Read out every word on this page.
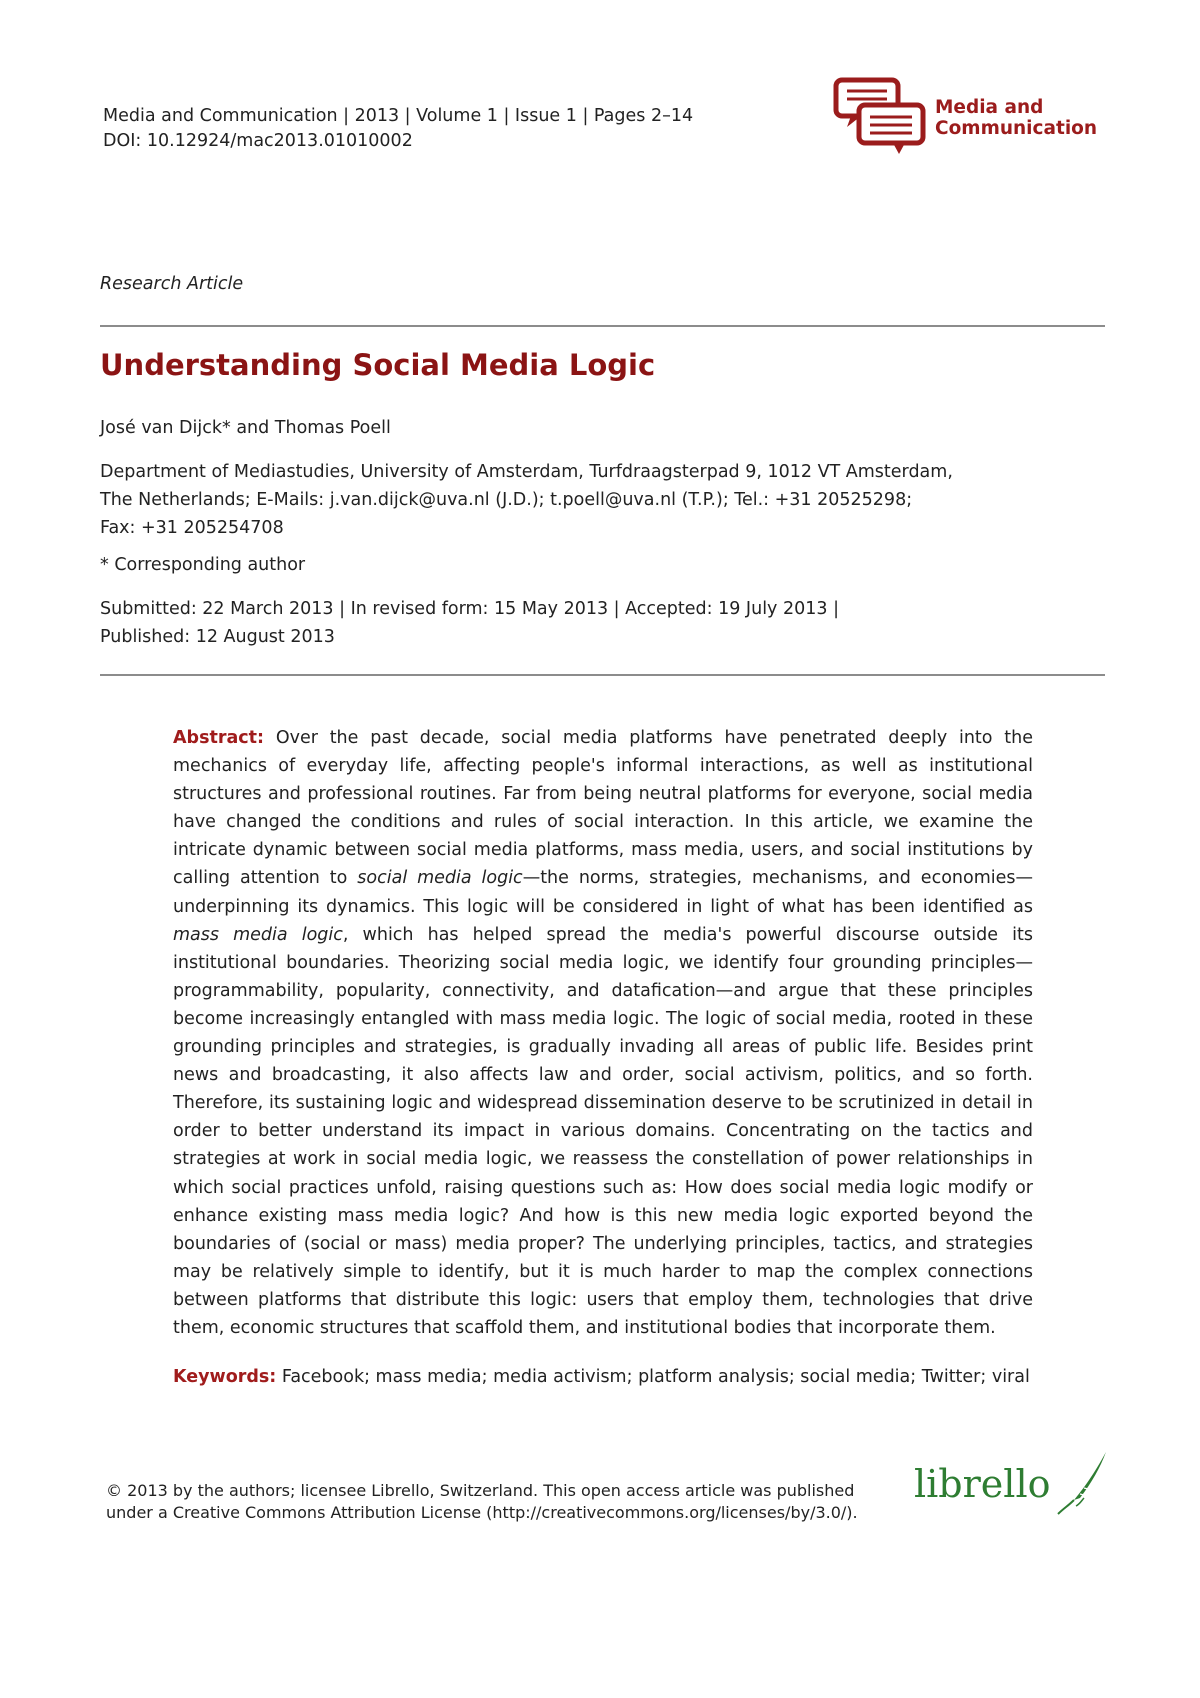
Media and Communication | 2013 | Volume 1 | Issue 1 | Pages 2–14
DOI: 10.12924/mac2013.01010002
Media and
Communication
Research Article
Understanding Social Media Logic
José van Dijck* and Thomas Poell
Department of Mediastudies, University of Amsterdam, Turfdraagsterpad 9, 1012 VT Amsterdam,
The Netherlands; E-Mails: j.van.dijck@uva.nl (J.D.); t.poell@uva.nl (T.P.); Tel.: +31 20525298;
Fax: +31 205254708
* Corresponding author
Submitted: 22 March 2013 | In revised form: 15 May 2013 | Accepted: 19 July 2013 |
Published: 12 August 2013
Abstract: Over the past decade, social media platforms have penetrated deeply into the mechanics of everyday life, affecting people's informal interactions, as well as institutional structures and professional routines. Far from being neutral platforms for everyone, social media have changed the conditions and rules of social interaction. In this article, we examine the intricate dynamic between social media platforms, mass media, users, and social institutions by calling attention to social media logic—the norms, strategies, mechanisms, and economies—underpinning its dynamics. This logic will be considered in light of what has been identified as mass media logic, which has helped spread the media's powerful discourse outside its institutional boundaries. Theorizing social media logic, we identify four grounding principles—programmability, popularity, connectivity, and datafication—and argue that these principles become increasingly entangled with mass media logic. The logic of social media, rooted in these grounding principles and strategies, is gradually invading all areas of public life. Besides print news and broadcasting, it also affects law and order, social activism, politics, and so forth. Therefore, its sustaining logic and widespread dissemination deserve to be scrutinized in detail in order to better understand its impact in various domains. Concentrating on the tactics and strategies at work in social media logic, we reassess the constellation of power relationships in which social practices unfold, raising questions such as: How does social media logic modify or enhance existing mass media logic? And how is this new media logic exported beyond the boundaries of (social or mass) media proper? The underlying principles, tactics, and strategies may be relatively simple to identify, but it is much harder to map the complex connections between platforms that distribute this logic: users that employ them, technologies that drive them, economic structures that scaffold them, and institutional bodies that incorporate them.
Keywords: Facebook; mass media; media activism; platform analysis; social media; Twitter; viral
© 2013 by the authors; licensee Librello, Switzerland. This open access article was published
under a Creative Commons Attribution License (http://creativecommons.org/licenses/by/3.0/).
librello
